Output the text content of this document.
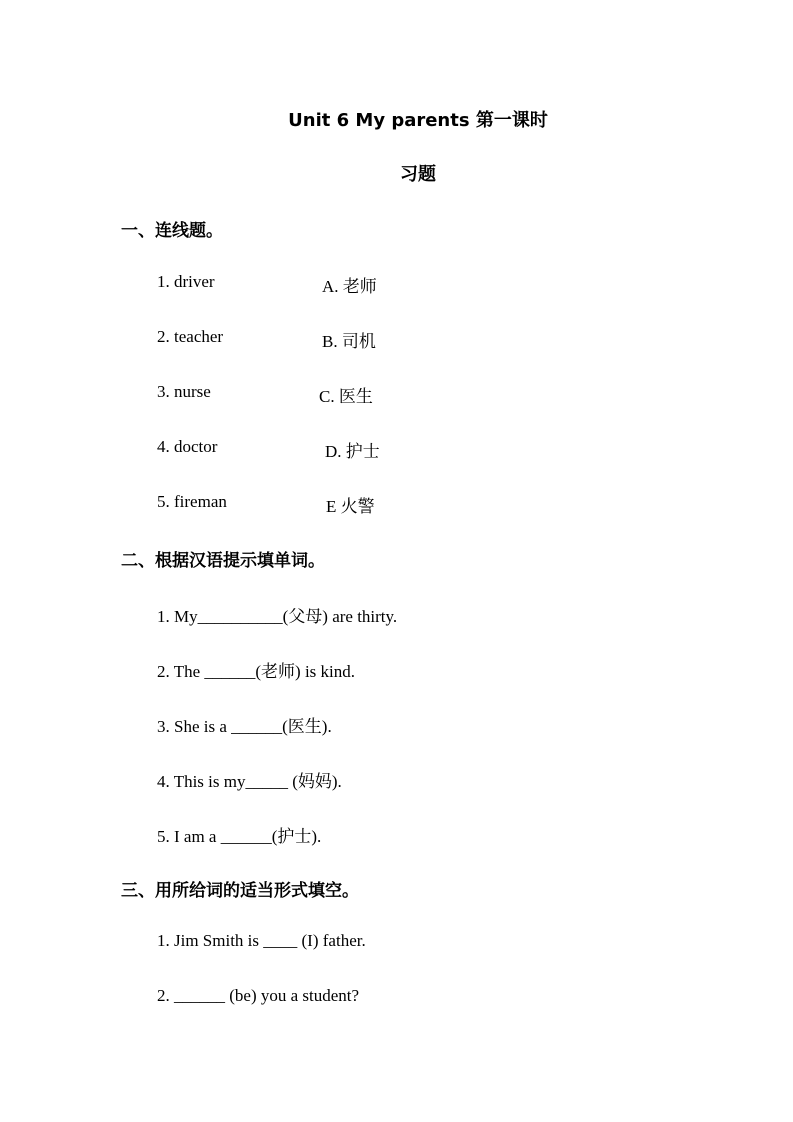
Unit 6 My parents 第一课时
习题
一、连线题。
1. driver	A. 老师
2. teacher	B. 司机
3. nurse	C. 医生
4. doctor	D. 护士
5. fireman	E 火警
二、根据汉语提示填单词。
1. My__________(父母) are thirty.
2. The ______(老师) is kind.
3. She is a ______(医生).
4. This is my_____ (妈妈).
5. I am a ______(护士).
三、用所给词的适当形式填空。
1. Jim Smith is ____ (I) father.
2. ______ (be) you a student?
